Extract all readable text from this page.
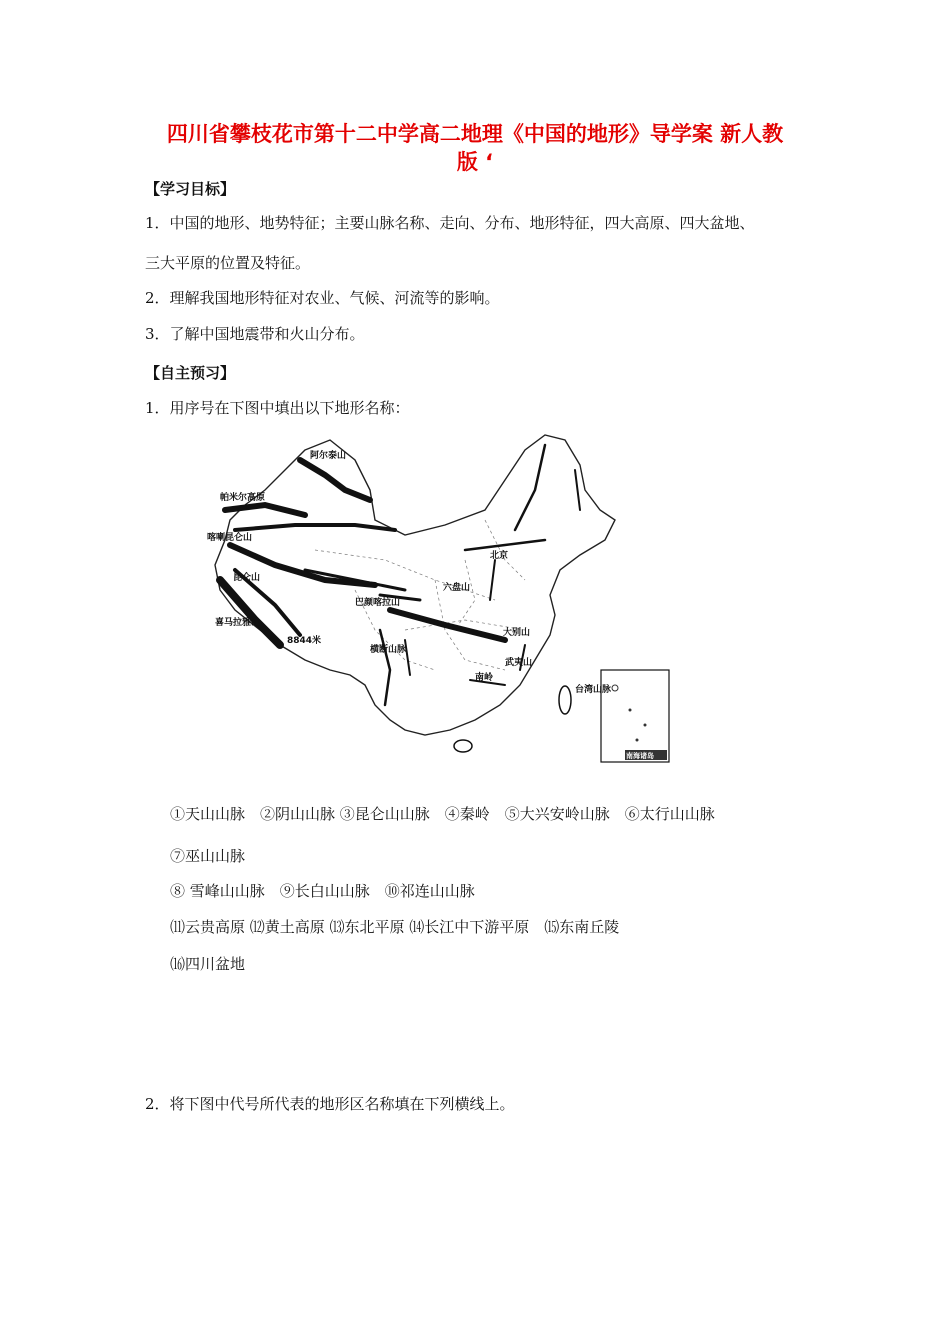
四川省攀枝花市第十二中学高二地理《中国的地形》导学案 新人教
版 ‘
【学习目标】
1．中国的地形、地势特征；主要山脉名称、走向、分布、地形特征，四大高原、四大盆地、
三大平原的位置及特征。
2．理解我国地形特征对农业、气候、河流等的影响。
3．了解中国地震带和火山分布。
【自主预习】
1．用序号在下图中填出以下地形名称：
阿尔泰山
帕米尔高原
喀喇昆仑山
昆仑山
喜马拉雅山
8844米
北京
六盘山
大别山
横断山脉
巴颜喀拉山
武夷山
南岭
台湾山脉
南海诸岛
①天山山脉　②阴山山脉 ③昆仑山山脉　④秦岭　⑤大兴安岭山脉　⑥太行山山脉
⑦巫山山脉
⑧ 雪峰山山脉　⑨长白山山脉　⑩祁连山山脉
⑾云贵高原 ⑿黄土高原 ⒀东北平原 ⒁长江中下游平原　⒂东南丘陵
⒃四川盆地
2．将下图中代号所代表的地形区名称填在下列横线上。
